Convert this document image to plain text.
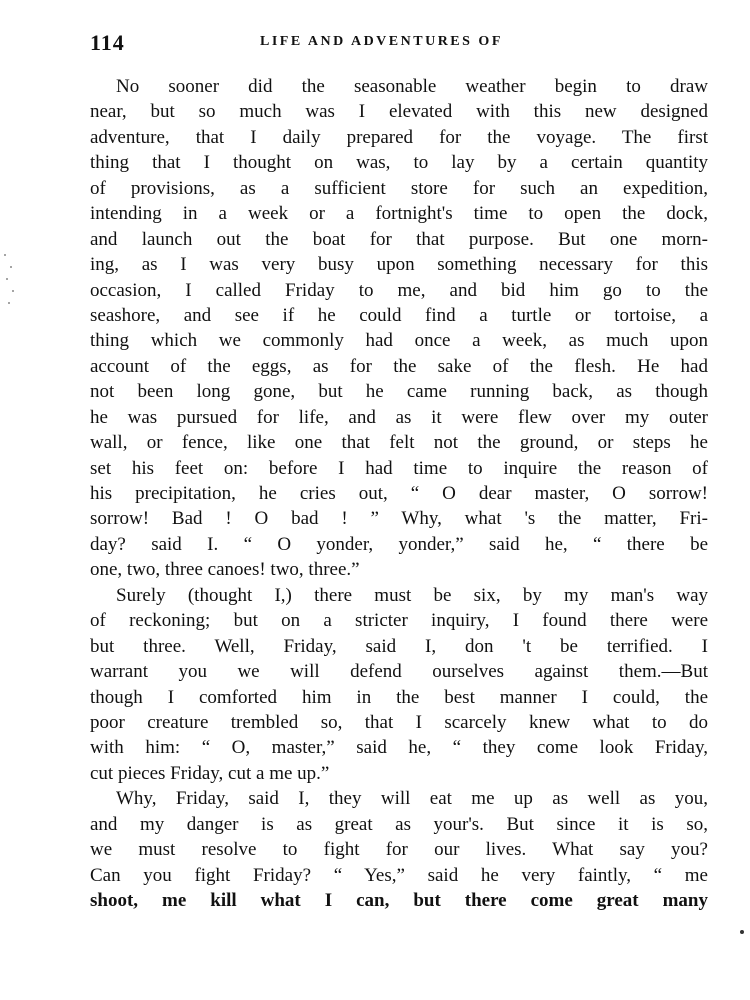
114	LIFE AND ADVENTURES OF
No sooner did the seasonable weather begin to draw
near, but so much was I elevated with this new designed
adventure, that I daily prepared for the voyage. The first
thing that I thought on was, to lay by a certain quantity
of provisions, as a sufficient store for such an expedition,
intending in a week or a fortnight's time to open the dock,
and launch out the boat for that purpose. But one morn-
ing, as I was very busy upon something necessary for this
occasion, I called Friday to me, and bid him go to the
seashore, and see if he could find a turtle or tortoise, a
thing which we commonly had once a week, as much upon
account of the eggs, as for the sake of the flesh. He had
not been long gone, but he came running back, as though
he was pursued for life, and as it were flew over my outer
wall, or fence, like one that felt not the ground, or steps he
set his feet on: before I had time to inquire the reason of
his precipitation, he cries out, “ O dear master, O sorrow!
sorrow! Bad ! O bad ! ” Why, what 's the matter, Fri-
day? said I. “ O yonder, yonder,” said he, “ there be
one, two, three canoes! two, three.”
Surely (thought I,) there must be six, by my man's way
of reckoning; but on a stricter inquiry, I found there were
but three. Well, Friday, said I, don 't be terrified. I
warrant you we will defend ourselves against them.—But
though I comforted him in the best manner I could, the
poor creature trembled so, that I scarcely knew what to do
with him: “ O, master,” said he, “ they come look Friday,
cut pieces Friday, cut a me up.”
Why, Friday, said I, they will eat me up as well as you,
and my danger is as great as your's. But since it is so,
we must resolve to fight for our lives. What say you?
Can you fight Friday? “ Yes,” said he very faintly, “ me
shoot, me kill what I can, but there come great many
